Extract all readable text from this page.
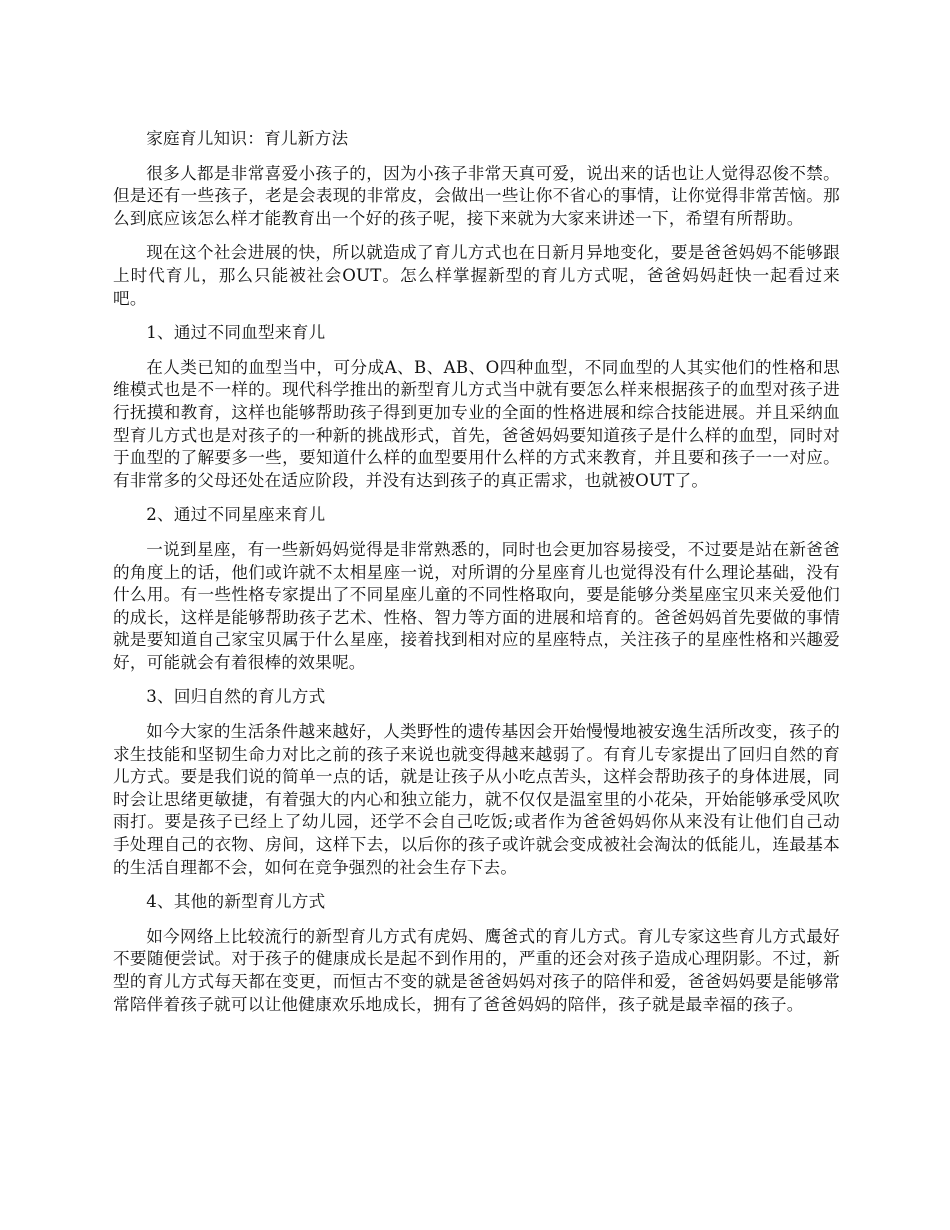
家庭育儿知识：育儿新方法

很多人都是非常喜爱小孩子的，因为小孩子非常天真可爱，说出来的话也让人觉得忍俊不禁。但是还有一些孩子，老是会表现的非常皮，会做出一些让你不省心的事情，让你觉得非常苦恼。那么到底应该怎么样才能教育出一个好的孩子呢，接下来就为大家来讲述一下，希望有所帮助。

现在这个社会进展的快，所以就造成了育儿方式也在日新月异地变化，要是爸爸妈妈不能够跟上时代育儿，那么只能被社会OUT。怎么样掌握新型的育儿方式呢，爸爸妈妈赶快一起看过来吧。

1、通过不同血型来育儿

在人类已知的血型当中，可分成A、B、AB、O四种血型，不同血型的人其实他们的性格和思维模式也是不一样的。现代科学推出的新型育儿方式当中就有要怎么样来根据孩子的血型对孩子进行抚摸和教育，这样也能够帮助孩子得到更加专业的全面的性格进展和综合技能进展。并且采纳血型育儿方式也是对孩子的一种新的挑战形式，首先，爸爸妈妈要知道孩子是什么样的血型，同时对于血型的了解要多一些，要知道什么样的血型要用什么样的方式来教育，并且要和孩子一一对应。有非常多的父母还处在适应阶段，并没有达到孩子的真正需求，也就被OUT了。

2、通过不同星座来育儿

一说到星座，有一些新妈妈觉得是非常熟悉的，同时也会更加容易接受，不过要是站在新爸爸的角度上的话，他们或许就不太相星座一说，对所谓的分星座育儿也觉得没有什么理论基础，没有什么用。有一些性格专家提出了不同星座儿童的不同性格取向，要是能够分类星座宝贝来关爱他们的成长，这样是能够帮助孩子艺术、性格、智力等方面的进展和培育的。爸爸妈妈首先要做的事情就是要知道自己家宝贝属于什么星座，接着找到相对应的星座特点，关注孩子的星座性格和兴趣爱好，可能就会有着很棒的效果呢。

3、回归自然的育儿方式

如今大家的生活条件越来越好，人类野性的遗传基因会开始慢慢地被安逸生活所改变，孩子的求生技能和坚韧生命力对比之前的孩子来说也就变得越来越弱了。有育儿专家提出了回归自然的育儿方式。要是我们说的简单一点的话，就是让孩子从小吃点苦头，这样会帮助孩子的身体进展，同时会让思绪更敏捷，有着强大的内心和独立能力，就不仅仅是温室里的小花朵，开始能够承受风吹雨打。要是孩子已经上了幼儿园，还学不会自己吃饭;或者作为爸爸妈妈你从来没有让他们自己动手处理自己的衣物、房间，这样下去，以后你的孩子或许就会变成被社会淘汰的低能儿，连最基本的生活自理都不会，如何在竞争强烈的社会生存下去。

4、其他的新型育儿方式

如今网络上比较流行的新型育儿方式有虎妈、鹰爸式的育儿方式。育儿专家这些育儿方式最好不要随便尝试。对于孩子的健康成长是起不到作用的，严重的还会对孩子造成心理阴影。不过，新型的育儿方式每天都在变更，而恒古不变的就是爸爸妈妈对孩子的陪伴和爱，爸爸妈妈要是能够常常陪伴着孩子就可以让他健康欢乐地成长，拥有了爸爸妈妈的陪伴，孩子就是最幸福的孩子。
